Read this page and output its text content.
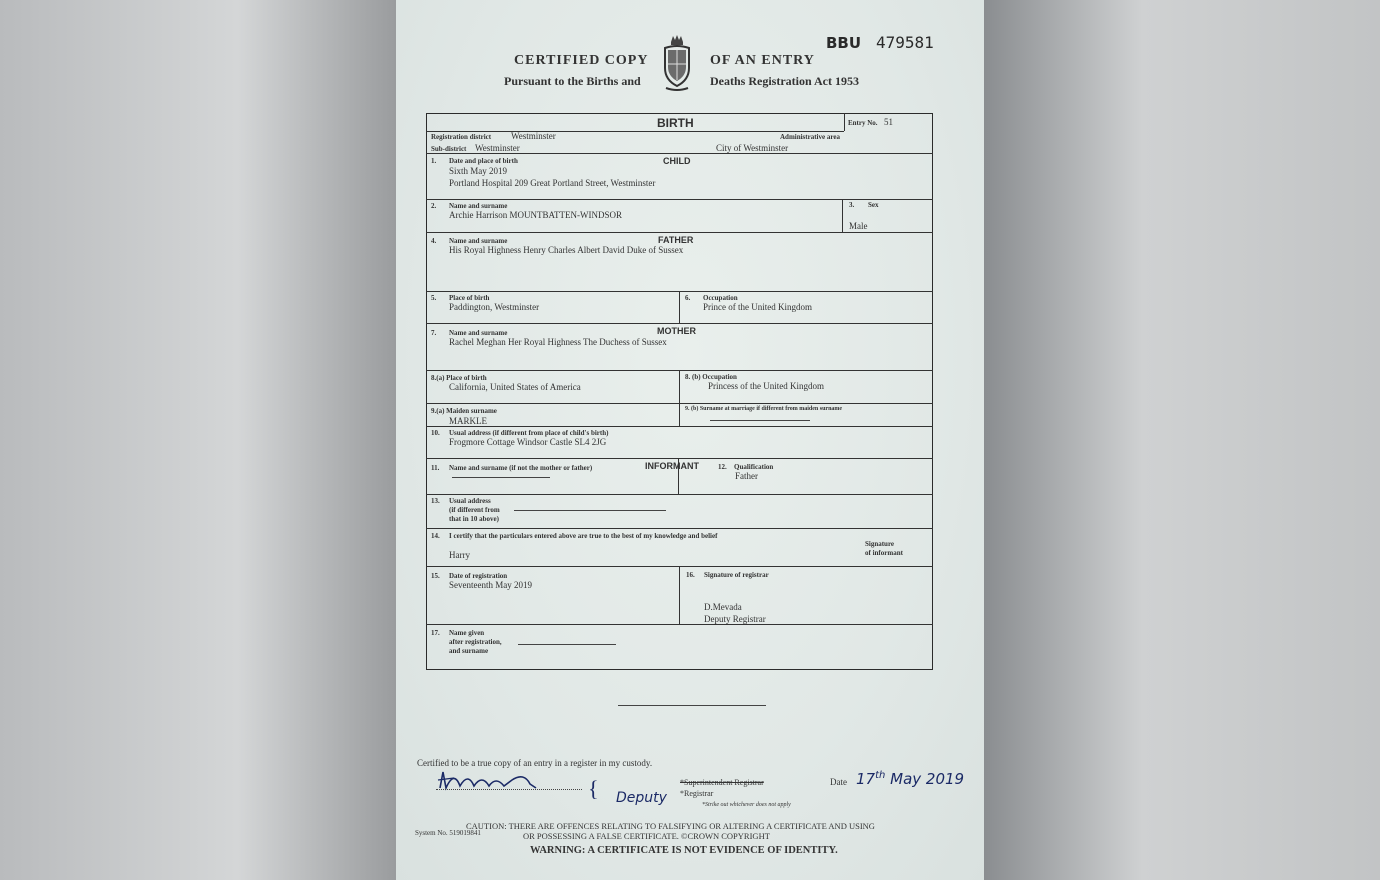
CERTIFIED COPY
Pursuant to the Births and
OF AN ENTRY
Deaths Registration Act 1953
BBU 479581
BIRTH	Entry No. 51
Registration district Westminster	Administrative area
Sub-district Westminster	City of Westminster
1. Date and place of birth	CHILD
Sixth May 2019
Portland Hospital 209 Great Portland Street, Westminster
2. Name and surname
Archie Harrison MOUNTBATTEN-WINDSOR
3. Sex
Male
4. Name and surname	FATHER
His Royal Highness Henry Charles Albert David Duke of Sussex
5. Place of birth
Paddington, Westminster
6. Occupation
Prince of the United Kingdom
7. Name and surname	MOTHER
Rachel Meghan Her Royal Highness The Duchess of Sussex
8.(a) Place of birth
California, United States of America
8. (b) Occupation
Princess of the United Kingdom
9.(a) Maiden surname
MARKLE
9. (b) Surname at marriage if different from maiden surname
10. Usual address (if different from place of child's birth)
Frogmore Cottage Windsor Castle SL4 2JG
11. Name and surname (if not the mother or father)	INFORMANT	12. Qualification
Father
13. Usual address
(if different from
that in 10 above)
14. I certify that the particulars entered above are true to the best of my knowledge and belief
Harry
Signature
of informant
15. Date of registration
Seventeenth May 2019
16. Signature of registrar
D.Mevada
Deputy Registrar
17. Name given
after registration,
and surname
Certified to be a true copy of an entry in a register in my custody.
{ Deputy
*Superintendent Registrar
*Registrar
*Strike out whichever does not apply
Date 17th May 2019
System No. 519019841
CAUTION: THERE ARE OFFENCES RELATING TO FALSIFYING OR ALTERING A CERTIFICATE AND USING
OR POSSESSING A FALSE CERTIFICATE. ©CROWN COPYRIGHT
WARNING: A CERTIFICATE IS NOT EVIDENCE OF IDENTITY.
